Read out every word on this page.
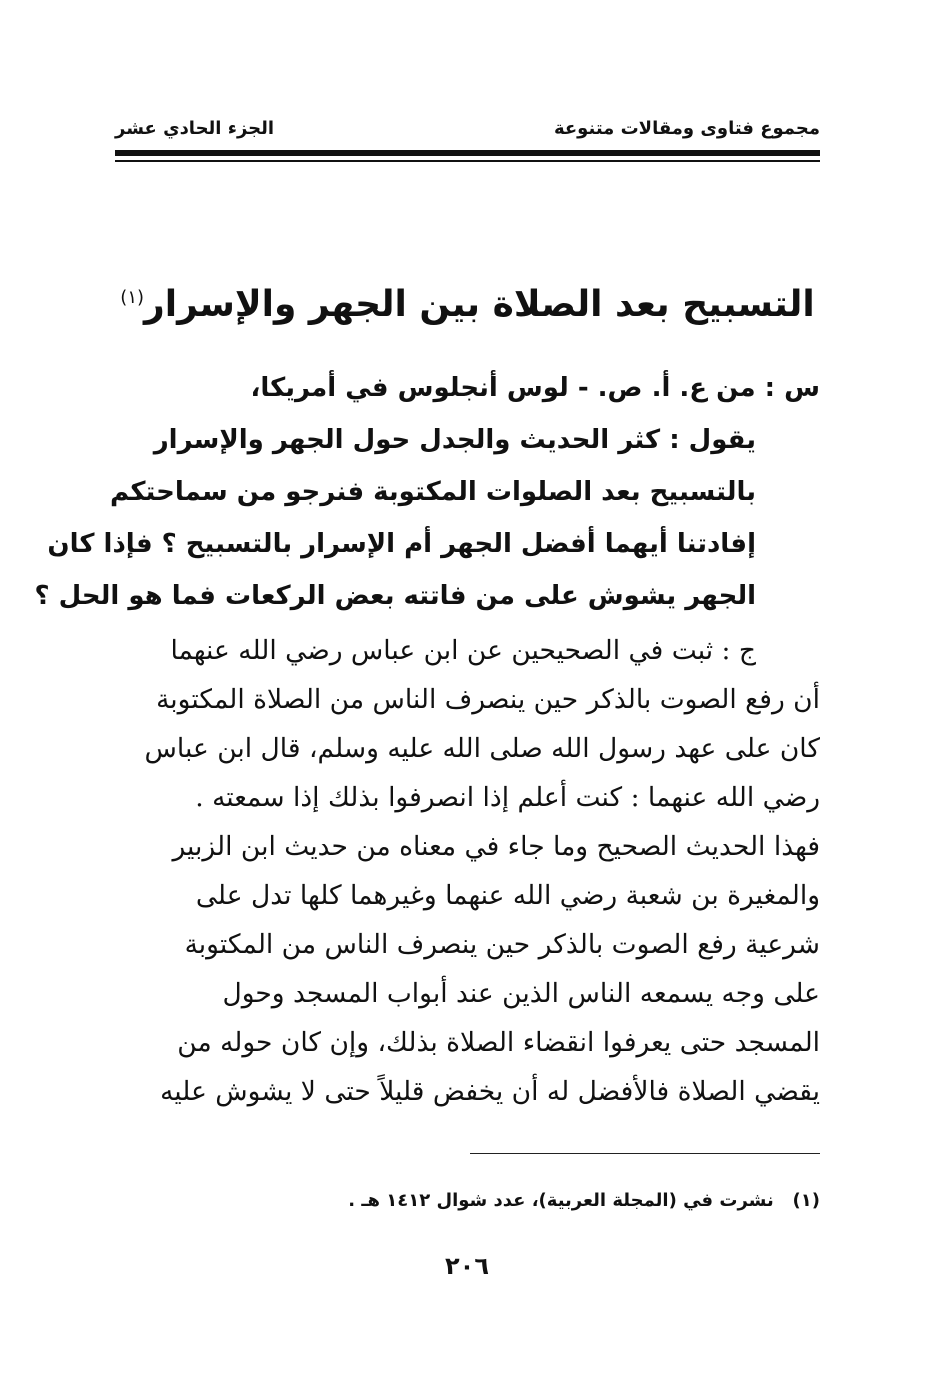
مجموع فتاوى ومقالات متنوعة
الجزء الحادي عشر
التسبيح بعد الصلاة بين الجهر والإسرار$^{(١)}$
س : من ع. أ. ص. - لوس أنجلوس في أمريكا،
يقول : كثر الحديث والجدل حول الجهر والإسرار
بالتسبيح بعد الصلوات المكتوبة فنرجو من سماحتكم
إفادتنا أيهما أفضل الجهر أم الإسرار بالتسبيح ؟ فإذا كان
الجهر يشوش على من فاتته بعض الركعات فما هو الحل ؟
ج : ثبت في الصحيحين عن ابن عباس رضي الله عنهما
أن رفع الصوت بالذكر حين ينصرف الناس من الصلاة المكتوبة
كان على عهد رسول الله صلى الله عليه وسلم، قال ابن عباس
رضي الله عنهما : كنت أعلم إذا انصرفوا بذلك إذا سمعته .
فهذا الحديث الصحيح وما جاء في معناه من حديث ابن الزبير
والمغيرة بن شعبة رضي الله عنهما وغيرهما كلها تدل على
شرعية رفع الصوت بالذكر حين ينصرف الناس من المكتوبة
على وجه يسمعه الناس الذين عند أبواب المسجد وحول
المسجد حتى يعرفوا انقضاء الصلاة بذلك، وإن كان حوله من
يقضي الصلاة فالأفضل له أن يخفض قليلاً حتى لا يشوش عليه
(١)   نشرت في (المجلة العربية)، عدد شوال ١٤١٢ هـ .
٢٠٦
